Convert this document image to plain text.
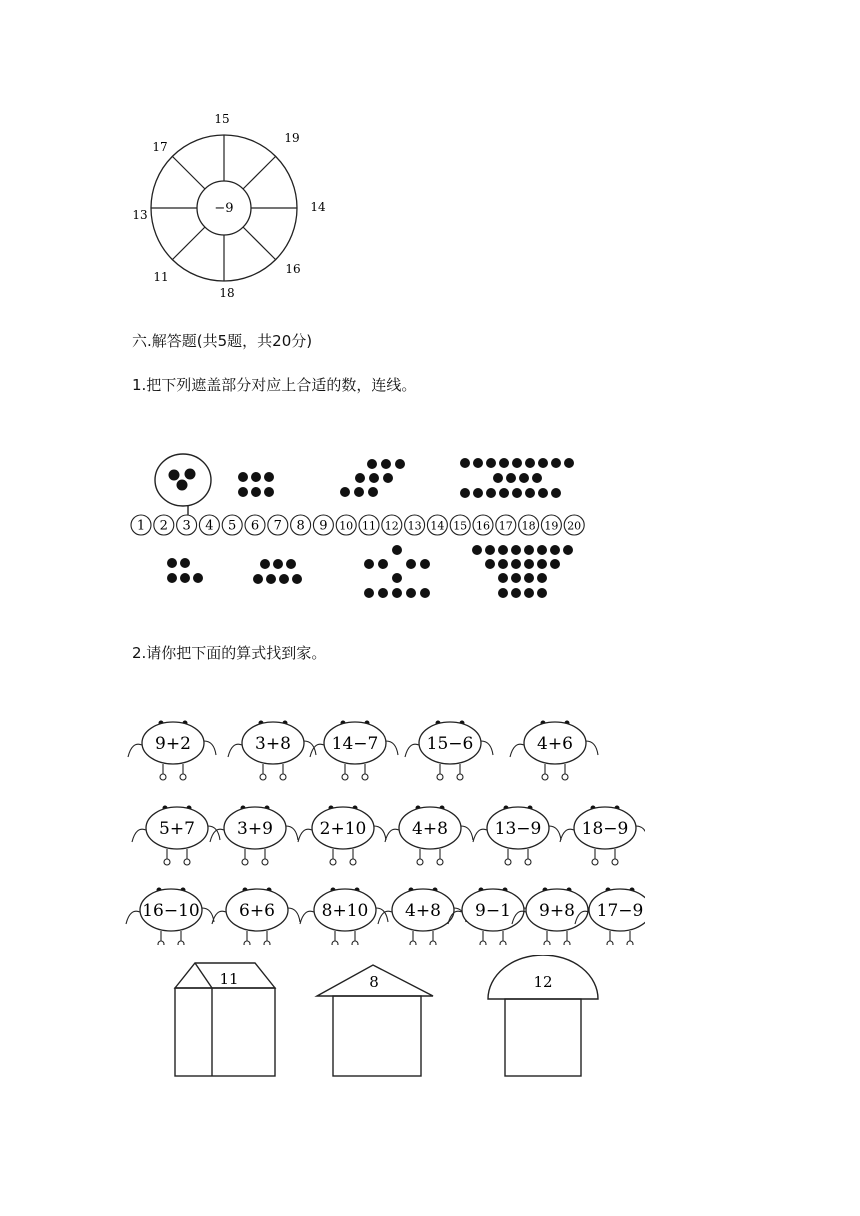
−9
15
19
14
16
18
11
13
17
六.解答题(共5题，共20分)
1.把下列遮盖部分对应上合适的数，连线。
1 2 3 4 5 6 7 8 9 10 11 12 13 14 15 16 17 18 19 20
2.请你把下面的算式找到家。
9+2	3+8 14−7	15−6	4+6
5+7 3+9	2+10	4+8	13−9 18−9
16−10 6+6	8+10 4+8 9−1 9+8 17−9
11	8	12
